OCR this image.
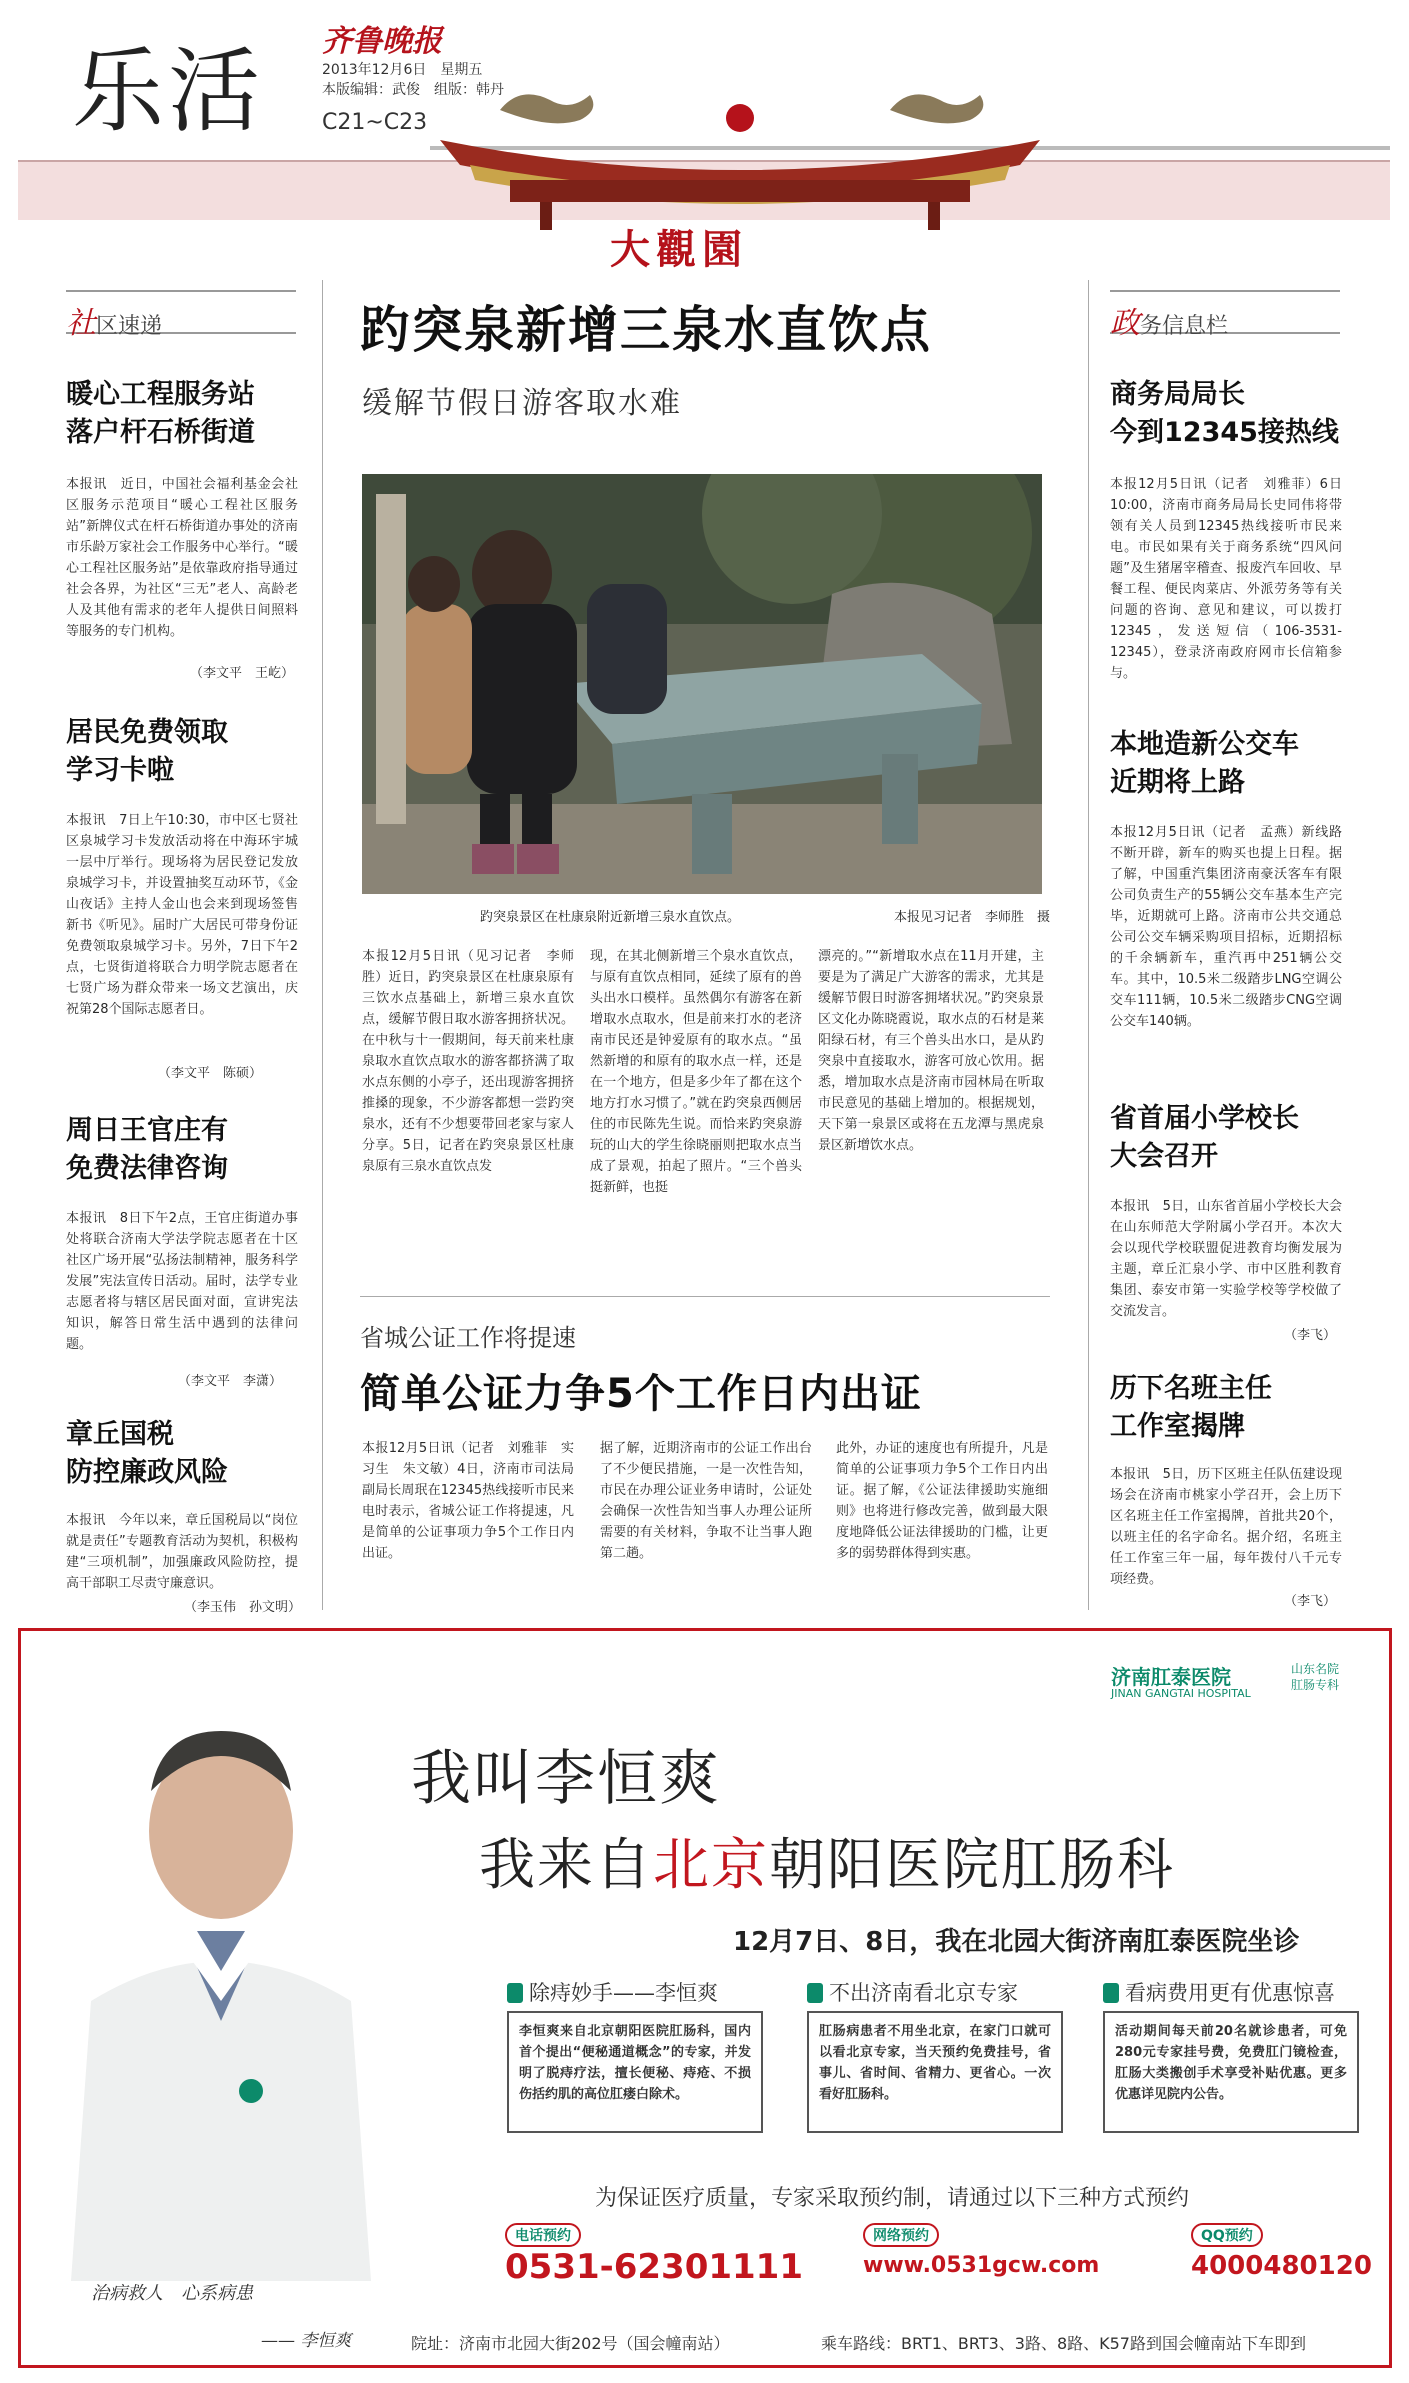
乐活 齐鲁晚报
2013年12月6日　星期五
本版编辑：武俊　组版：韩丹
C21~C23
大觀園
社区速递
暖心工程服务站
落户杆石桥街道
本报讯　近日，中国社会福利基金会社区服务示范项目“暖心工程社区服务站”新牌仪式在杆石桥街道办事处的济南市乐龄万家社会工作服务中心举行。“暖心工程社区服务站”是依靠政府指导通过社会各界，为社区“三无”老人、高龄老人及其他有需求的老年人提供日间照料等服务的专门机构。
（李文平　王屹）
居民免费领取
学习卡啦
本报讯　7日上午10:30，市中区七贤社区泉城学习卡发放活动将在中海环宇城一层中厅举行。现场将为居民登记发放泉城学习卡，并设置抽奖互动环节，《金山夜话》主持人金山也会来到现场签售新书《听见》。届时广大居民可带身份证免费领取泉城学习卡。另外，7日下午2点，七贤街道将联合力明学院志愿者在七贤广场为群众带来一场文艺演出，庆祝第28个国际志愿者日。
（李文平　陈硕）
周日王官庄有
免费法律咨询
本报讯　8日下午2点，王官庄街道办事处将联合济南大学法学院志愿者在十区社区广场开展“弘扬法制精神，服务科学发展”宪法宣传日活动。届时，法学专业志愿者将与辖区居民面对面，宣讲宪法知识，解答日常生活中遇到的法律问题。
（李文平　李潇）
章丘国税
防控廉政风险
本报讯　今年以来，章丘国税局以“岗位就是责任”专题教育活动为契机，积极构建“三项机制”，加强廉政风险防控，提高干部职工尽责守廉意识。
（李玉伟　孙文明）
趵突泉新增三泉水直饮点
缓解节假日游客取水难
趵突泉景区在杜康泉附近新增三泉水直饮点。	本报见习记者　李师胜　摄
本报12月5日讯（见习记者　李师胜）近日，趵突泉景区在杜康泉原有三饮水点基础上，新增三泉水直饮点，缓解节假日取水游客拥挤状况。在中秋与十一假期间，每天前来杜康泉取水直饮点取水的游客都挤满了取水点东侧的小亭子，还出现游客拥挤推搡的现象，不少游客都想一尝趵突泉水，还有不少想要带回老家与家人分享。5日，记者在趵突泉景区杜康泉原有三泉水直饮点发
现，在其北侧新增三个泉水直饮点，与原有直饮点相同，延续了原有的兽头出水口模样。虽然偶尔有游客在新增取水点取水，但是前来打水的老济南市民还是钟爱原有的取水点。“虽然新增的和原有的取水点一样，还是在一个地方，但是多少年了都在这个地方打水习惯了。”就在趵突泉西侧居住的市民陈先生说。而恰来趵突泉游玩的山大的学生徐晓丽则把取水点当成了景观，拍起了照片。“三个兽头挺新鲜，也挺
漂亮的。”“新增取水点在11月开建，主要是为了满足广大游客的需求，尤其是缓解节假日时游客拥堵状况。”趵突泉景区文化办陈晓霞说，取水点的石材是莱阳绿石材，有三个兽头出水口，是从趵突泉中直接取水，游客可放心饮用。据悉，增加取水点是济南市园林局在听取市民意见的基础上增加的。根据规划，天下第一泉景区或将在五龙潭与黑虎泉景区新增饮水点。
省城公证工作将提速
简单公证力争5个工作日内出证
本报12月5日讯（记者　刘雅菲　实习生　朱文敏）4日，济南市司法局副局长周珉在12345热线接听市民来电时表示，省城公证工作将提速，凡是简单的公证事项力争5个工作日内出证。
据了解，近期济南市的公证工作出台了不少便民措施，一是一次性告知，市民在办理公证业务申请时，公证处会确保一次性告知当事人办理公证所需要的有关材料，争取不让当事人跑第二趟。
此外，办证的速度也有所提升，凡是简单的公证事项力争5个工作日内出证。据了解，《公证法律援助实施细则》也将进行修改完善，做到最大限度地降低公证法律援助的门槛，让更多的弱势群体得到实惠。
政务信息栏
商务局局长
今到12345接热线
本报12月5日讯（记者　刘雅菲）6日10:00，济南市商务局局长史同伟将带领有关人员到12345热线接听市民来电。市民如果有关于商务系统“四风问题”及生猪屠宰稽查、报废汽车回收、早餐工程、便民肉菜店、外派劳务等有关问题的咨询、意见和建议，可以拨打12345，发送短信（106-3531-12345），登录济南政府网市长信箱参与。
本地造新公交车
近期将上路
本报12月5日讯（记者　孟燕）新线路不断开辟，新车的购买也提上日程。据了解，中国重汽集团济南豪沃客车有限公司负责生产的55辆公交车基本生产完毕，近期就可上路。济南市公共交通总公司公交车辆采购项目招标，近期招标的千余辆新车，重汽再中251辆公交车。其中，10.5米二级踏步LNG空调公交车111辆，10.5米二级踏步CNG空调公交车140辆。
省首届小学校长
大会召开
本报讯　5日，山东省首届小学校长大会在山东师范大学附属小学召开。本次大会以现代学校联盟促进教育均衡发展为主题，章丘汇泉小学、市中区胜利教育集团、泰安市第一实验学校等学校做了交流发言。
（李飞）
历下名班主任
工作室揭牌
本报讯　5日，历下区班主任队伍建设现场会在济南市桃家小学召开，会上历下区名班主任工作室揭牌，首批共20个，以班主任的名字命名。据介绍，名班主任工作室三年一届，每年拨付八千元专项经费。
（李飞）
治病救人　心系病患
—— 李恒爽
济南肛泰医院
JINAN GANGTAI HOSPITAL
山东名院
肛肠专科
我叫李恒爽
我来自北京朝阳医院肛肠科
12月7日、8日，我在北园大街济南肛泰医院坐诊
除痔妙手——李恒爽
李恒爽来自北京朝阳医院肛肠科，国内首个提出“便秘通道概念”的专家，并发明了脱痔疗法，擅长便秘、痔疮、不损伤括约肌的高位肛瘘白除术。
不出济南看北京专家
肛肠病患者不用坐北京，在家门口就可以看北京专家，当天预约免费挂号，省事儿、省时间、省精力、更省心。一次看好肛肠科。
看病费用更有优惠惊喜
活动期间每天前20名就诊患者，可免280元专家挂号费，免费肛门镜检查，肛肠大类搬创手术享受补贴优惠。更多优惠详见院内公告。
为保证医疗质量，专家采取预约制，请通过以下三种方式预约
电话预约
0531-62301111
网络预约
www.0531gcw.com
QQ预约
4000480120
院址：济南市北园大街202号（国会幢南站）	乘车路线：BRT1、BRT3、3路、8路、K57路到国会幢南站下车即到
